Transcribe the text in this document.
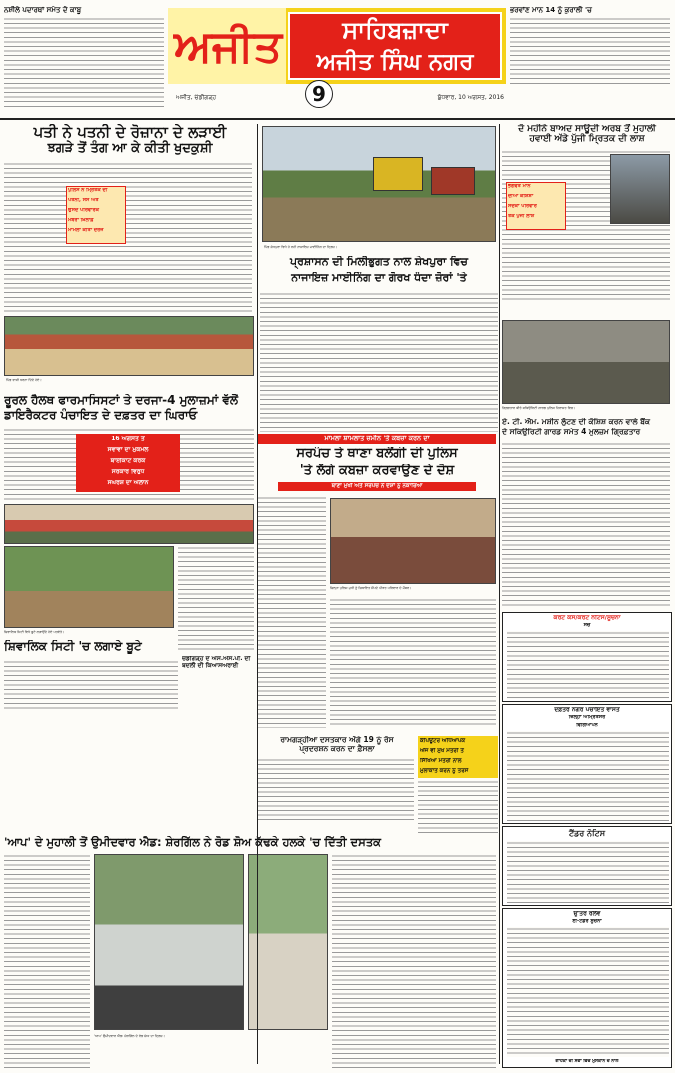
ਨਸ਼ੀਲੇ ਪਦਾਰਥਾਂ ਸਮੇਤ ਦੋ ਕਾਬੂ
ਅਜੀਤ	ਸਾਹਿਬਜ਼ਾਦਾ
ਅਜੀਤ ਸਿੰਘ ਨਗਰ
9
ਅਜੀਤ, ਚੰਡੀਗੜ੍ਹ	ਬੁੱਧਵਾਰ, 10 ਅਗਸਤ, 2016
ਭਰਵਾਂਣ ਮਾਨ 14 ਨੂੰ ਕੁਰਾਲੀ 'ਚ
ਪਤੀ ਨੇ ਪਤਨੀ ਦੇ ਰੋਜ਼ਾਨਾ ਦੇ ਲੜਾਈ
ਝਗੜੇ ਤੋਂ ਤੰਗ ਆ ਕੇ ਕੀਤੀ ਖੁਦਕੁਸ਼ੀ
ਪੁਲਿਸ ਨੇ ਮ੍ਰਿਤਕ ਦੀ
ਪਤਨੀ, ਸੱਸ ਅਤੇ
ਉਸਦੇ ਪਰਿਵਾਰਕ
ਮੈਂਬਰਾਂ ਖ਼ਿਲਾਫ਼
ਮਾਮਲਾ ਕੀਤਾ ਦਰਜ
ਪਿੰਡ ਸ਼ੇਖਪੁਰਾ ਵਿਖੇ ਹੋ ਰਹੀ ਨਾਜਾਇਜ਼ ਮਾਈਨਿੰਗ ਦਾ ਦ੍ਰਿਸ਼।
ਪ੍ਰਸ਼ਾਸਨ ਦੀ ਮਿਲੀਭੁਗਤ ਨਾਲ ਸ਼ੇਖਪੁਰਾ ਵਿਚ
ਨਾਜਾਇਜ਼ ਮਾਈਨਿੰਗ ਦਾ ਗੋਰਖ ਧੰਦਾ ਜ਼ੋਰਾਂ 'ਤੇ
ਦੋ ਮਹੀਨੇ ਬਾਅਦ ਸਾਊਦੀ ਅਰਬ ਤੋਂ ਮੁਹਾਲੀ
ਹਵਾਈ ਅੱਡੇ ਪੁੱਜੀ ਮ੍ਰਿਤਕ ਦੀ ਲਾਸ਼
ਭਗਵੰਤ ਮਾਨ
ਦੀਆਂ ਕੋਸ਼ਿਸ਼ਾਂ
ਸਦਕਾ ਪਰਿਵਾਰ
ਤੱਕ ਪੁੱਜੀ ਲਾਸ਼
ਪਿੰਡ ਵਾਸੀ ਧਰਨਾ ਦਿੰਦੇ ਹੋਏ।
ਰੂਰਲ ਹੈਲਥ ਫਾਰਮਾਸਿਸਟਾਂ ਤੇ ਦਰਜਾ-4 ਮੁਲਾਜ਼ਮਾਂ ਵੱਲੋਂ
ਡਾਇਰੈਕਟਰ ਪੰਚਾਇਤ ਦੇ ਦਫ਼ਤਰ ਦਾ ਘਿਰਾਓ
16 ਅਗਸਤ ਤੋਂ
ਸੇਵਾਵਾਂ ਦਾ ਮੁਕੰਮਲ
ਬਾਈਕਾਟ ਕਰਕੇ
ਸਰਕਾਰ ਵਿਰੁੱਧ
ਸੰਘਰਸ਼ ਦਾ ਐਲਾਨ
ਮਾਮਲਾ ਸ਼ਾਮਲਾਤ ਜ਼ਮੀਨ 'ਤੇ ਕਬਜ਼ਾ ਕਰਨ ਦਾ
ਸਰਪੰਚ ਤੇ ਥਾਣਾ ਬਲੌਂਗੀ ਦੀ ਪੁਲਿਸ
'ਤੇ ਲੱਗੇ ਕਬਜ਼ਾ ਕਰਵਾਉਣ ਦੇ ਦੋਸ਼
ਥਾਣਾ ਮੁਖੀ ਅਤੇ ਸਰਪੰਚ ਨੇ ਦੋਸ਼ਾਂ ਨੂੰ ਨਕਾਰਿਆ
ਜ਼ਿਲ੍ਹਾ ਪੁਲਿਸ ਮੁਖੀ ਨੂੰ ਸ਼ਿਕਾਇਤ ਸੌਂਪਦੇ ਪੀੜਤ ਪਰਿਵਾਰ ਦੇ ਮੈਂਬਰ।
ਗ੍ਰਿਫ਼ਤਾਰ ਕੀਤੇ ਸਕਿਉਰਿਟੀ ਗਾਰਡ ਪੁਲਿਸ ਹਿਰਾਸਤ ਵਿਚ।
ਏ. ਟੀ. ਐਮ. ਮਸ਼ੀਨ ਲੁੱਟਣ ਦੀ ਕੋਸ਼ਿਸ਼ ਕਰਨ ਵਾਲੇ ਬੈਂਕ
ਦੇ ਸਕਿਉਰਿਟੀ ਗਾਰਡ ਸਮੇਤ 4 ਮੁਲਜ਼ਮ ਗ੍ਰਿਫ਼ਤਾਰ
ਸ਼ਿਵਾਲਿਕ ਸਿਟੀ ਵਿਖੇ ਬੂਟੇ ਲਗਾਉਂਦੇ ਹੋਏ ਪਤਵੰਤੇ।
ਸ਼ਿਵਾਲਿਕ ਸਿਟੀ 'ਚ ਲਗਾਏ ਬੂਟੇ
ਚੰਡੀਗੜ੍ਹ ਦੇ ਐਸ.ਐਸ.ਪੀ. ਦੀ
ਬਦਲੀ ਦੀ ਕਿਆਸਅਰਾਈ
ਰਾਮਗੜ੍ਹੀਆ ਦਸਤਕਾਰ ਅੱਗੇ 19 ਨੂੰ ਰੋਸ
ਪ੍ਰਦਰਸ਼ਨ ਕਰਨ ਦਾ ਫ਼ੈਸਲਾ
ਕੰਪਿਊਟਰ ਅਧਿਆਪਕ
ਅੱਜ ਵੀ ਮੁੱਖ ਮੰਤਰੀ ਤੇ
ਸਿੱਖਿਆ ਮੰਤਰੀ ਨਾਲ
ਮੁਲਾਕਾਤ ਕਰਨ ਨੂੰ ਤਰਸੇ
'ਆਪ' ਦੇ ਮੁਹਾਲੀ ਤੋਂ ਉਮੀਦਵਾਰ ਐਡ: ਸ਼ੇਰਗਿੱਲ ਨੇ ਰੋਡ ਸ਼ੋਅ ਕੱਢਕੇ ਹਲਕੇ 'ਚ ਦਿੱਤੀ ਦਸਤਕ
'ਆਪ' ਉਮੀਦਵਾਰ ਐਡ: ਸ਼ੇਰਗਿੱਲ ਦੇ ਰੋਡ ਸ਼ੋਅ ਦਾ ਦ੍ਰਿਸ਼।
ਕੋਰਟ ਕੇਸ/ਕੋਰਟ ਨੋਟਿਸ/ਸੂਚਨਾ
ਸਚ
ਦਫ਼ਤਰ ਨਗਰ ਪੰਚਾਇਤ ਵਾਸਤੇ
ਜ਼ਿਲ੍ਹਾ ਅੰਮ੍ਰਿਤਸਰ
ਵਿਗਿਆਪਨ
ਟੈਂਡਰ ਨੋਟਿਸ
ਉੱਤਰ ਰੇਲਵੇ
ਈ-ਟੈਂਡਰ ਸੂਚਨਾ
ਗਾਹਕਾਂ ਦੀ ਸੇਵਾ ਵਿਚ ਮੁਸਕਾਨ ਦੇ ਨਾਲ
